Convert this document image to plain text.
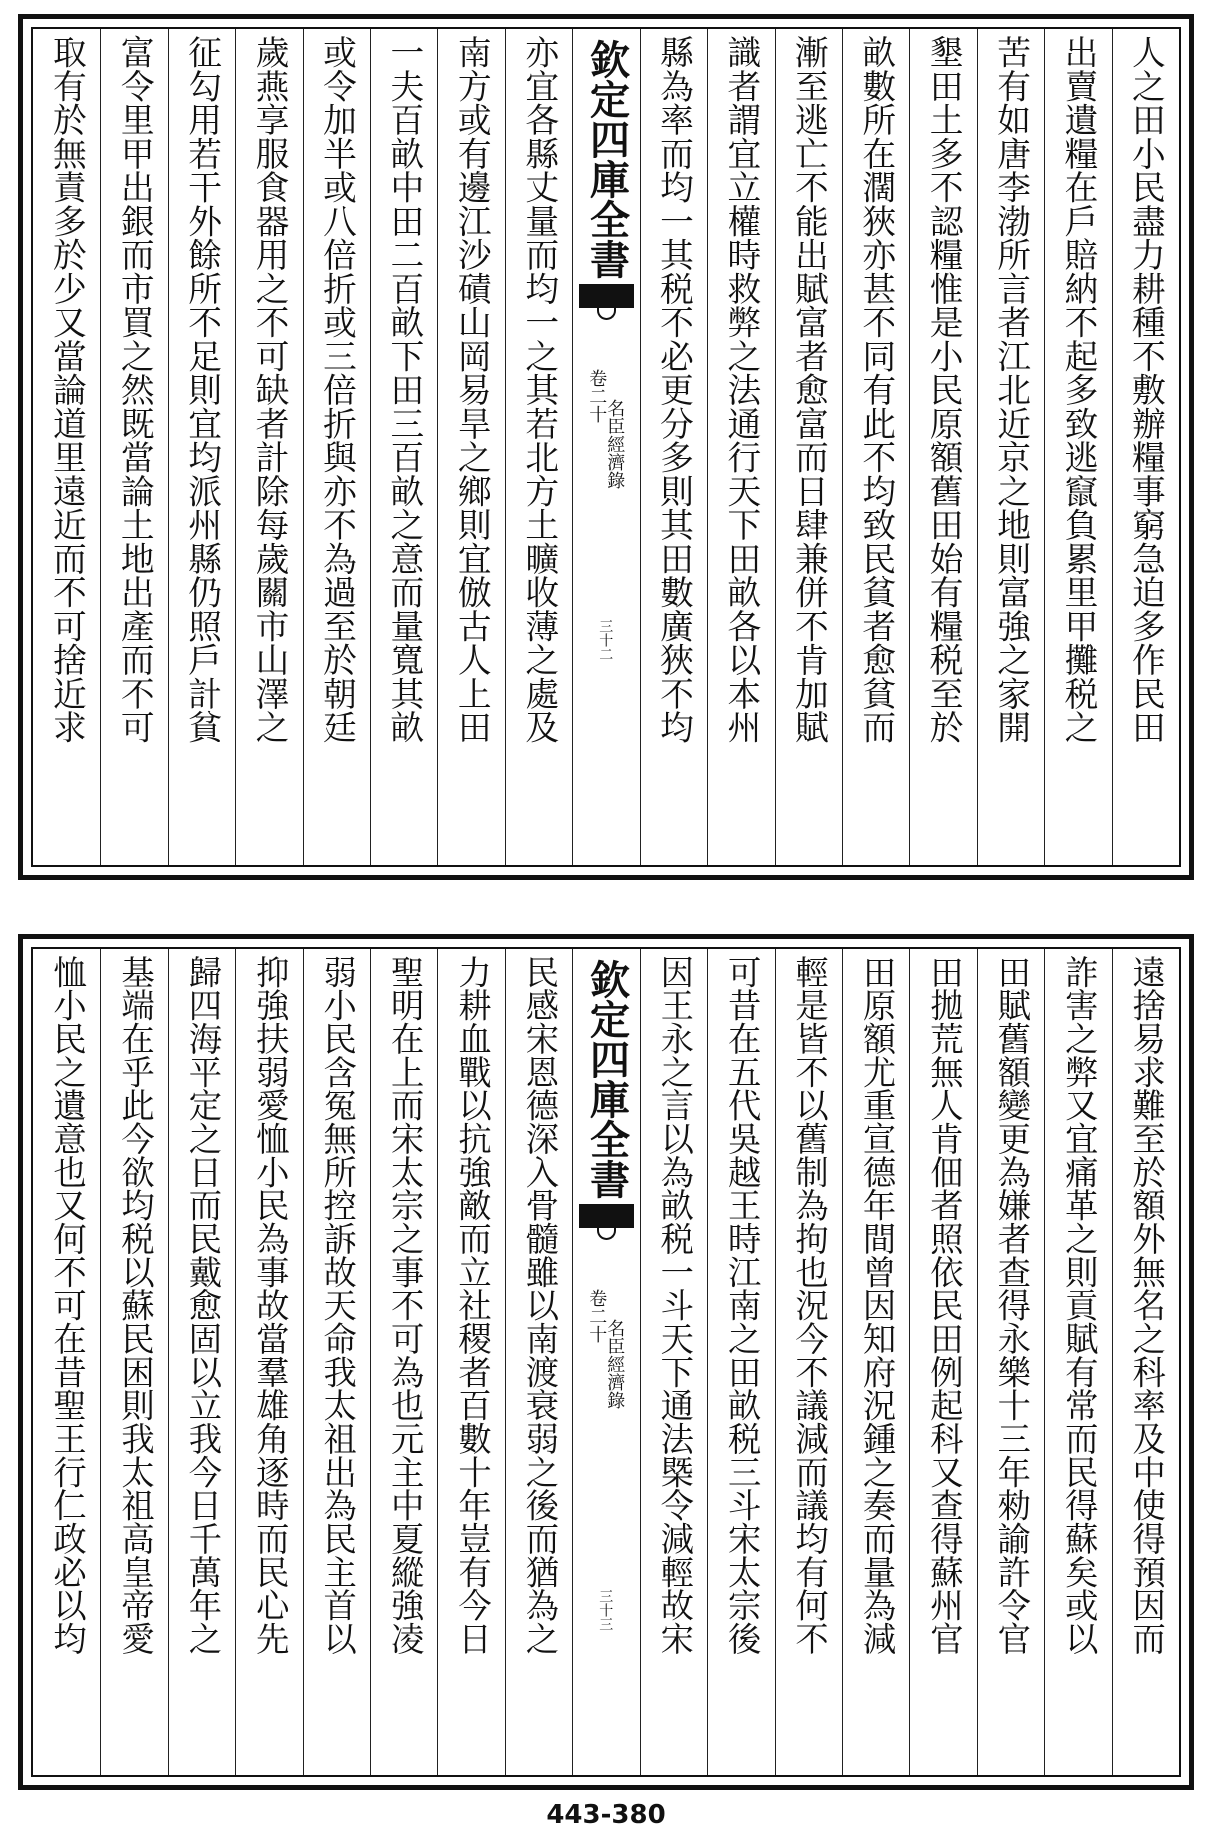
人之田小民盡力耕種不敷辦糧事窮急迫多作民田
出賣遺糧在戶賠納不起多致逃竄負累里甲攤税之
苦有如唐李渤所言者江北近京之地則富強之家開
墾田土多不認糧惟是小民原額舊田始有糧税至於
畝數所在濶狹亦甚不同有此不均致民貧者愈貧而
漸至逃亡不能出賦富者愈富而日肆兼併不肯加賦
識者謂宜立權時救弊之法通行天下田畝各以本州
縣為率而均一其税不必更分多則其田數廣狹不均
欽定四庫全書
卷二十
名臣經濟錄
三十二
亦宜各縣丈量而均一之其若北方土曠收薄之處及
南方或有邊江沙磧山岡易旱之鄉則宜倣古人上田
一夫百畝中田二百畝下田三百畝之意而量寬其畝
或令加半或八倍折或三倍折與亦不為過至於朝廷
歲燕享服食器用之不可缺者計除每歲關市山澤之
征勾用若干外餘所不足則宜均派州縣仍照戶計貧
富令里甲出銀而市買之然既當論土地出產而不可
取有於無責多於少又當論道里遠近而不可捨近求
遠捨易求難至於額外無名之科率及中使得預因而
詐害之弊又宜痛革之則貢賦有常而民得蘇矣或以
田賦舊額變更為嫌者查得永樂十三年勑諭許令官
田拋荒無人肯佃者照依民田例起科又查得蘇州官
田原額尤重宣德年間曾因知府況鍾之奏而量為減
輕是皆不以舊制為拘也況今不議減而議均有何不
可昔在五代吳越王時江南之田畝税三斗宋太宗後
因王永之言以為畝税一斗天下通法槩令減輕故宋
欽定四庫全書
卷二十
名臣經濟錄
三十三
民感宋恩德深入骨髓雖以南渡衰弱之後而猶為之
力耕血戰以抗強敵而立社稷者百數十年豈有今日
聖明在上而宋太宗之事不可為也元主中夏縱強凌
弱小民含冤無所控訴故天命我太祖出為民主首以
抑強扶弱愛恤小民為事故當羣雄角逐時而民心先
歸四海平定之日而民戴愈固以立我今日千萬年之
基端在乎此今欲均税以蘇民困則我太祖高皇帝愛
恤小民之遺意也又何不可在昔聖王行仁政必以均
443-380
